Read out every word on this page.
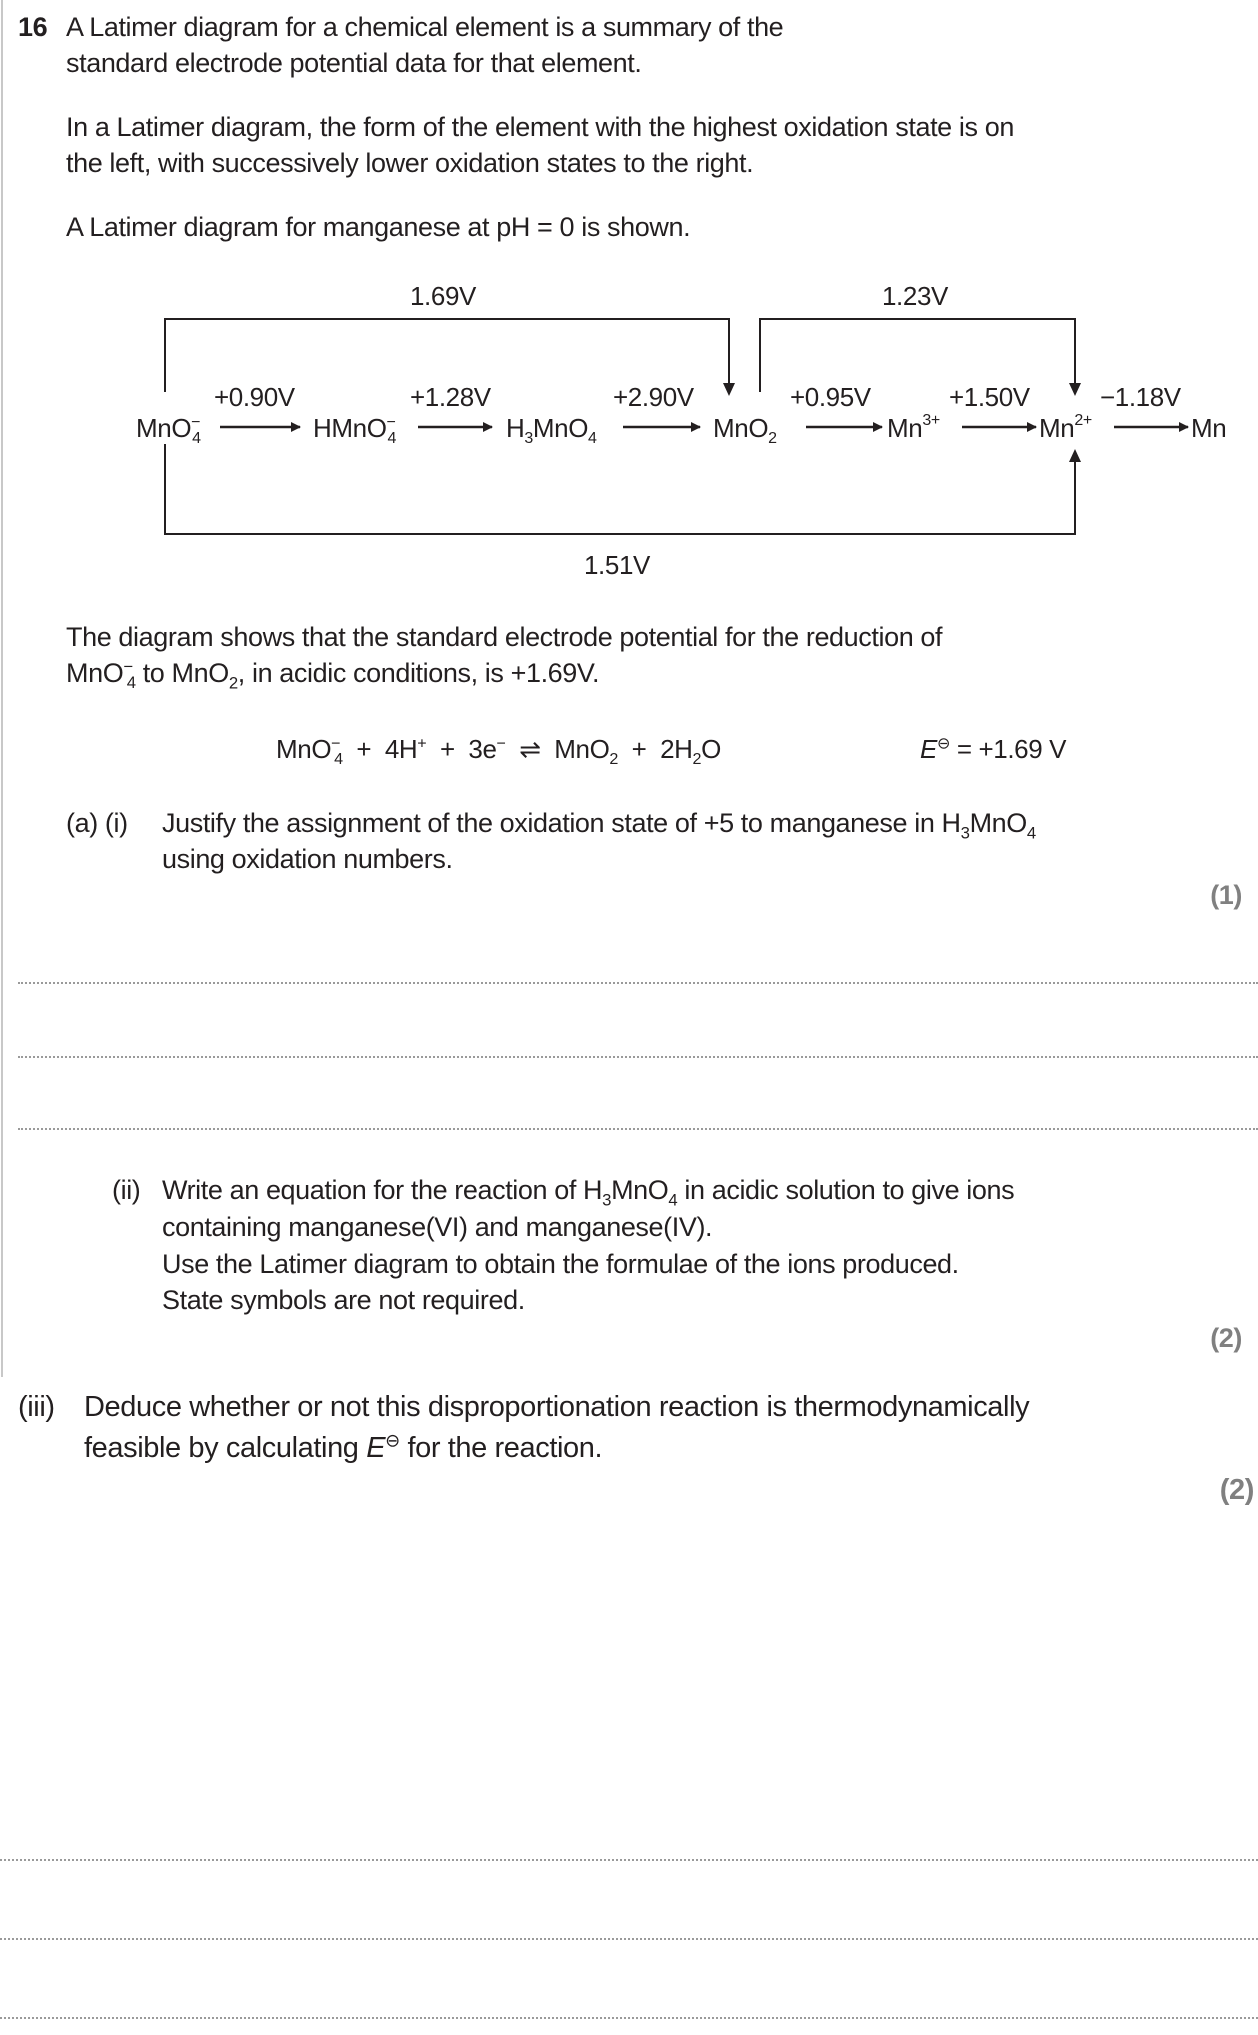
16 A Latimer diagram for a chemical element is a summary of the
standard electrode potential data for that element.
In a Latimer diagram, the form of the element with the highest oxidation state is on
the left, with successively lower oxidation states to the right.
A Latimer diagram for manganese at pH = 0 is shown.
1.69V	1.23V
1.51V
+0.90V	+1.28V	+2.90V	+0.95V	+1.50V	−1.18V
MnO− 4	HMnO− 4	$H_3MnO_4$	MnO$_2$	$Mn^{3+}$	$Mn^{2+}$	Mn
The diagram shows that the standard electrode potential for the reduction of
MnO−$_4$ to MnO$_2$, in acidic conditions, is +1.69V.
MnO−$_4$ + 4H+ + 3e− ⇌ $MnO_2 + 2H_2O$	E⊖ = +1.69 V
(a) (i) Justify the assignment of the oxidation state of +5 to manganese in $H_3MnO_4$
using oxidation numbers.
(1)
(ii) Write an equation for the reaction of $H_3MnO_4$ in acidic solution to give ions
containing manganese(VI) and manganese(IV).
Use the Latimer diagram to obtain the formulae of the ions produced.
State symbols are not required.
(2)
(iii) Deduce whether or not this disproportionation reaction is thermodynamically
feasible by calculating E⊖ for the reaction.
(2)
